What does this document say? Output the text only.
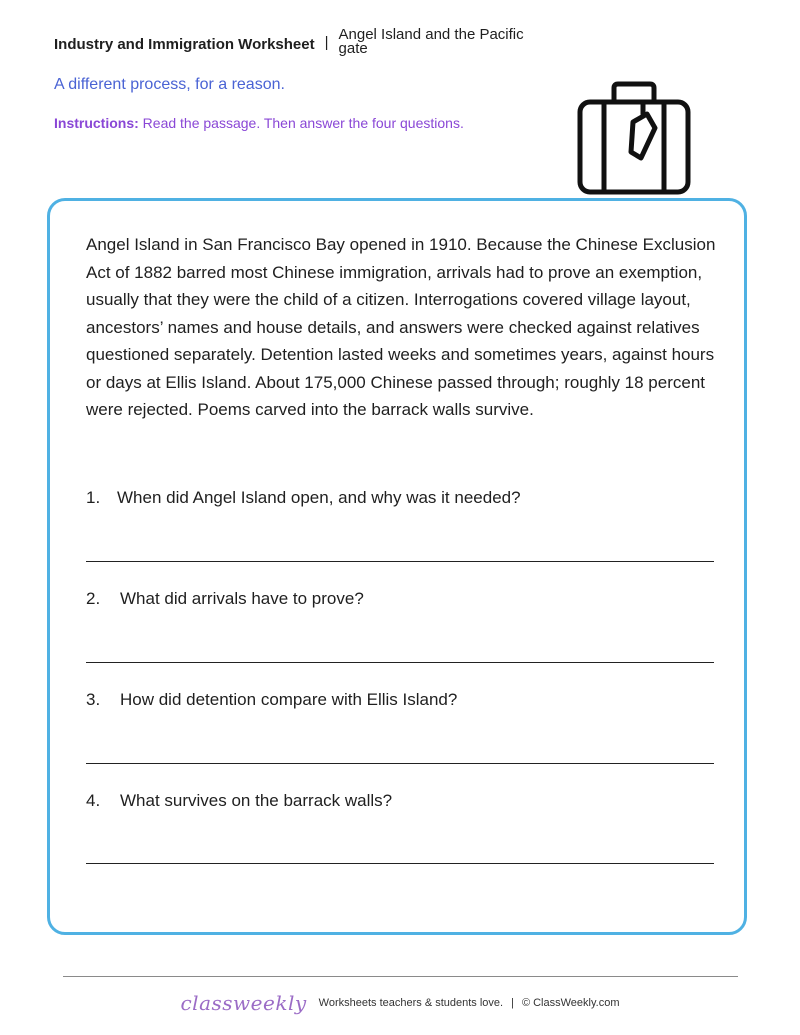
Industry and Immigration Worksheet | Angel Island and the Pacific gate
A different process, for a reason.
Instructions: Read the passage. Then answer the four questions.
Angel Island in San Francisco Bay opened in 1910. Because the Chinese Exclusion Act of 1882 barred most Chinese immigration, arrivals had to prove an exemption, usually that they were the child of a citizen. Interrogations covered village layout, ancestors’ names and house details, and answers were checked against relatives questioned separately. Detention lasted weeks and sometimes years, against hours or days at Ellis Island. About 175,000 Chinese passed through; roughly 18 percent were rejected. Poems carved into the barrack walls survive.
1. When did Angel Island open, and why was it needed?
2.	What did arrivals have to prove?
3.	How did detention compare with Ellis Island?
4.	What survives on the barrack walls?
classweekly Worksheets teachers & students love. | © ClassWeekly.com
